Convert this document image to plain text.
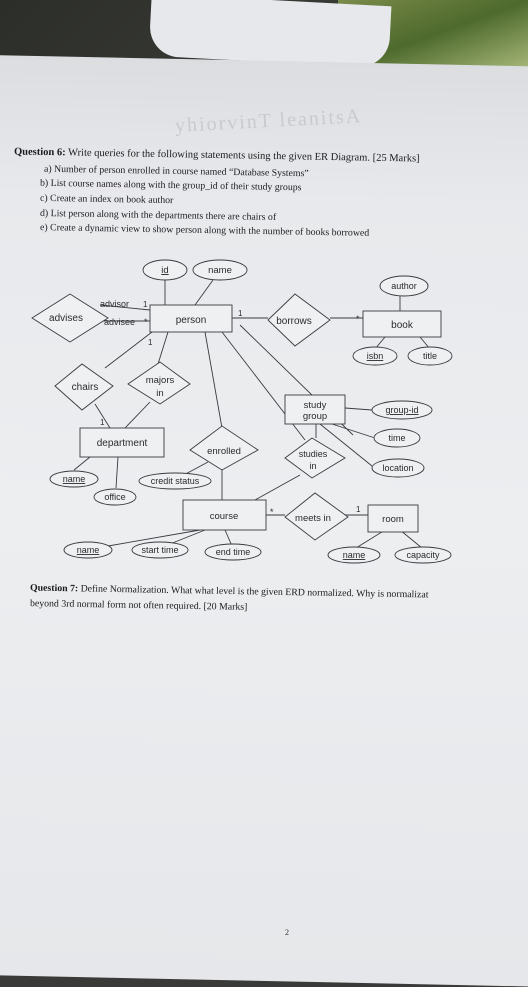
yhiorvinT leanitsA
Question 6: Write queries for the following statements using the given ER Diagram. [25 Marks]
a) Number of person enrolled in course named “Database Systems”
b) List course names along with the group_id of their study groups
c) Create an index on book author
d) List person along with the departments there are chairs of
e) Create a dynamic view to show person along with the number of books borrowed
person	book
department
study
group
course	room
advises	borrows
chairs
majors
in
enrolled	studies
in
meets in
id	name
author
isbn	title
group-id
time
location
name
office
credit status
name	start time	end time	name	capacity
advisor
advisee
1
*
1
*
1
1
*	1
Question 7: Define Normalization. What what level is the given ERD normalized. Why is normalizat
beyond 3rd normal form not often required. [20 Marks]
2
